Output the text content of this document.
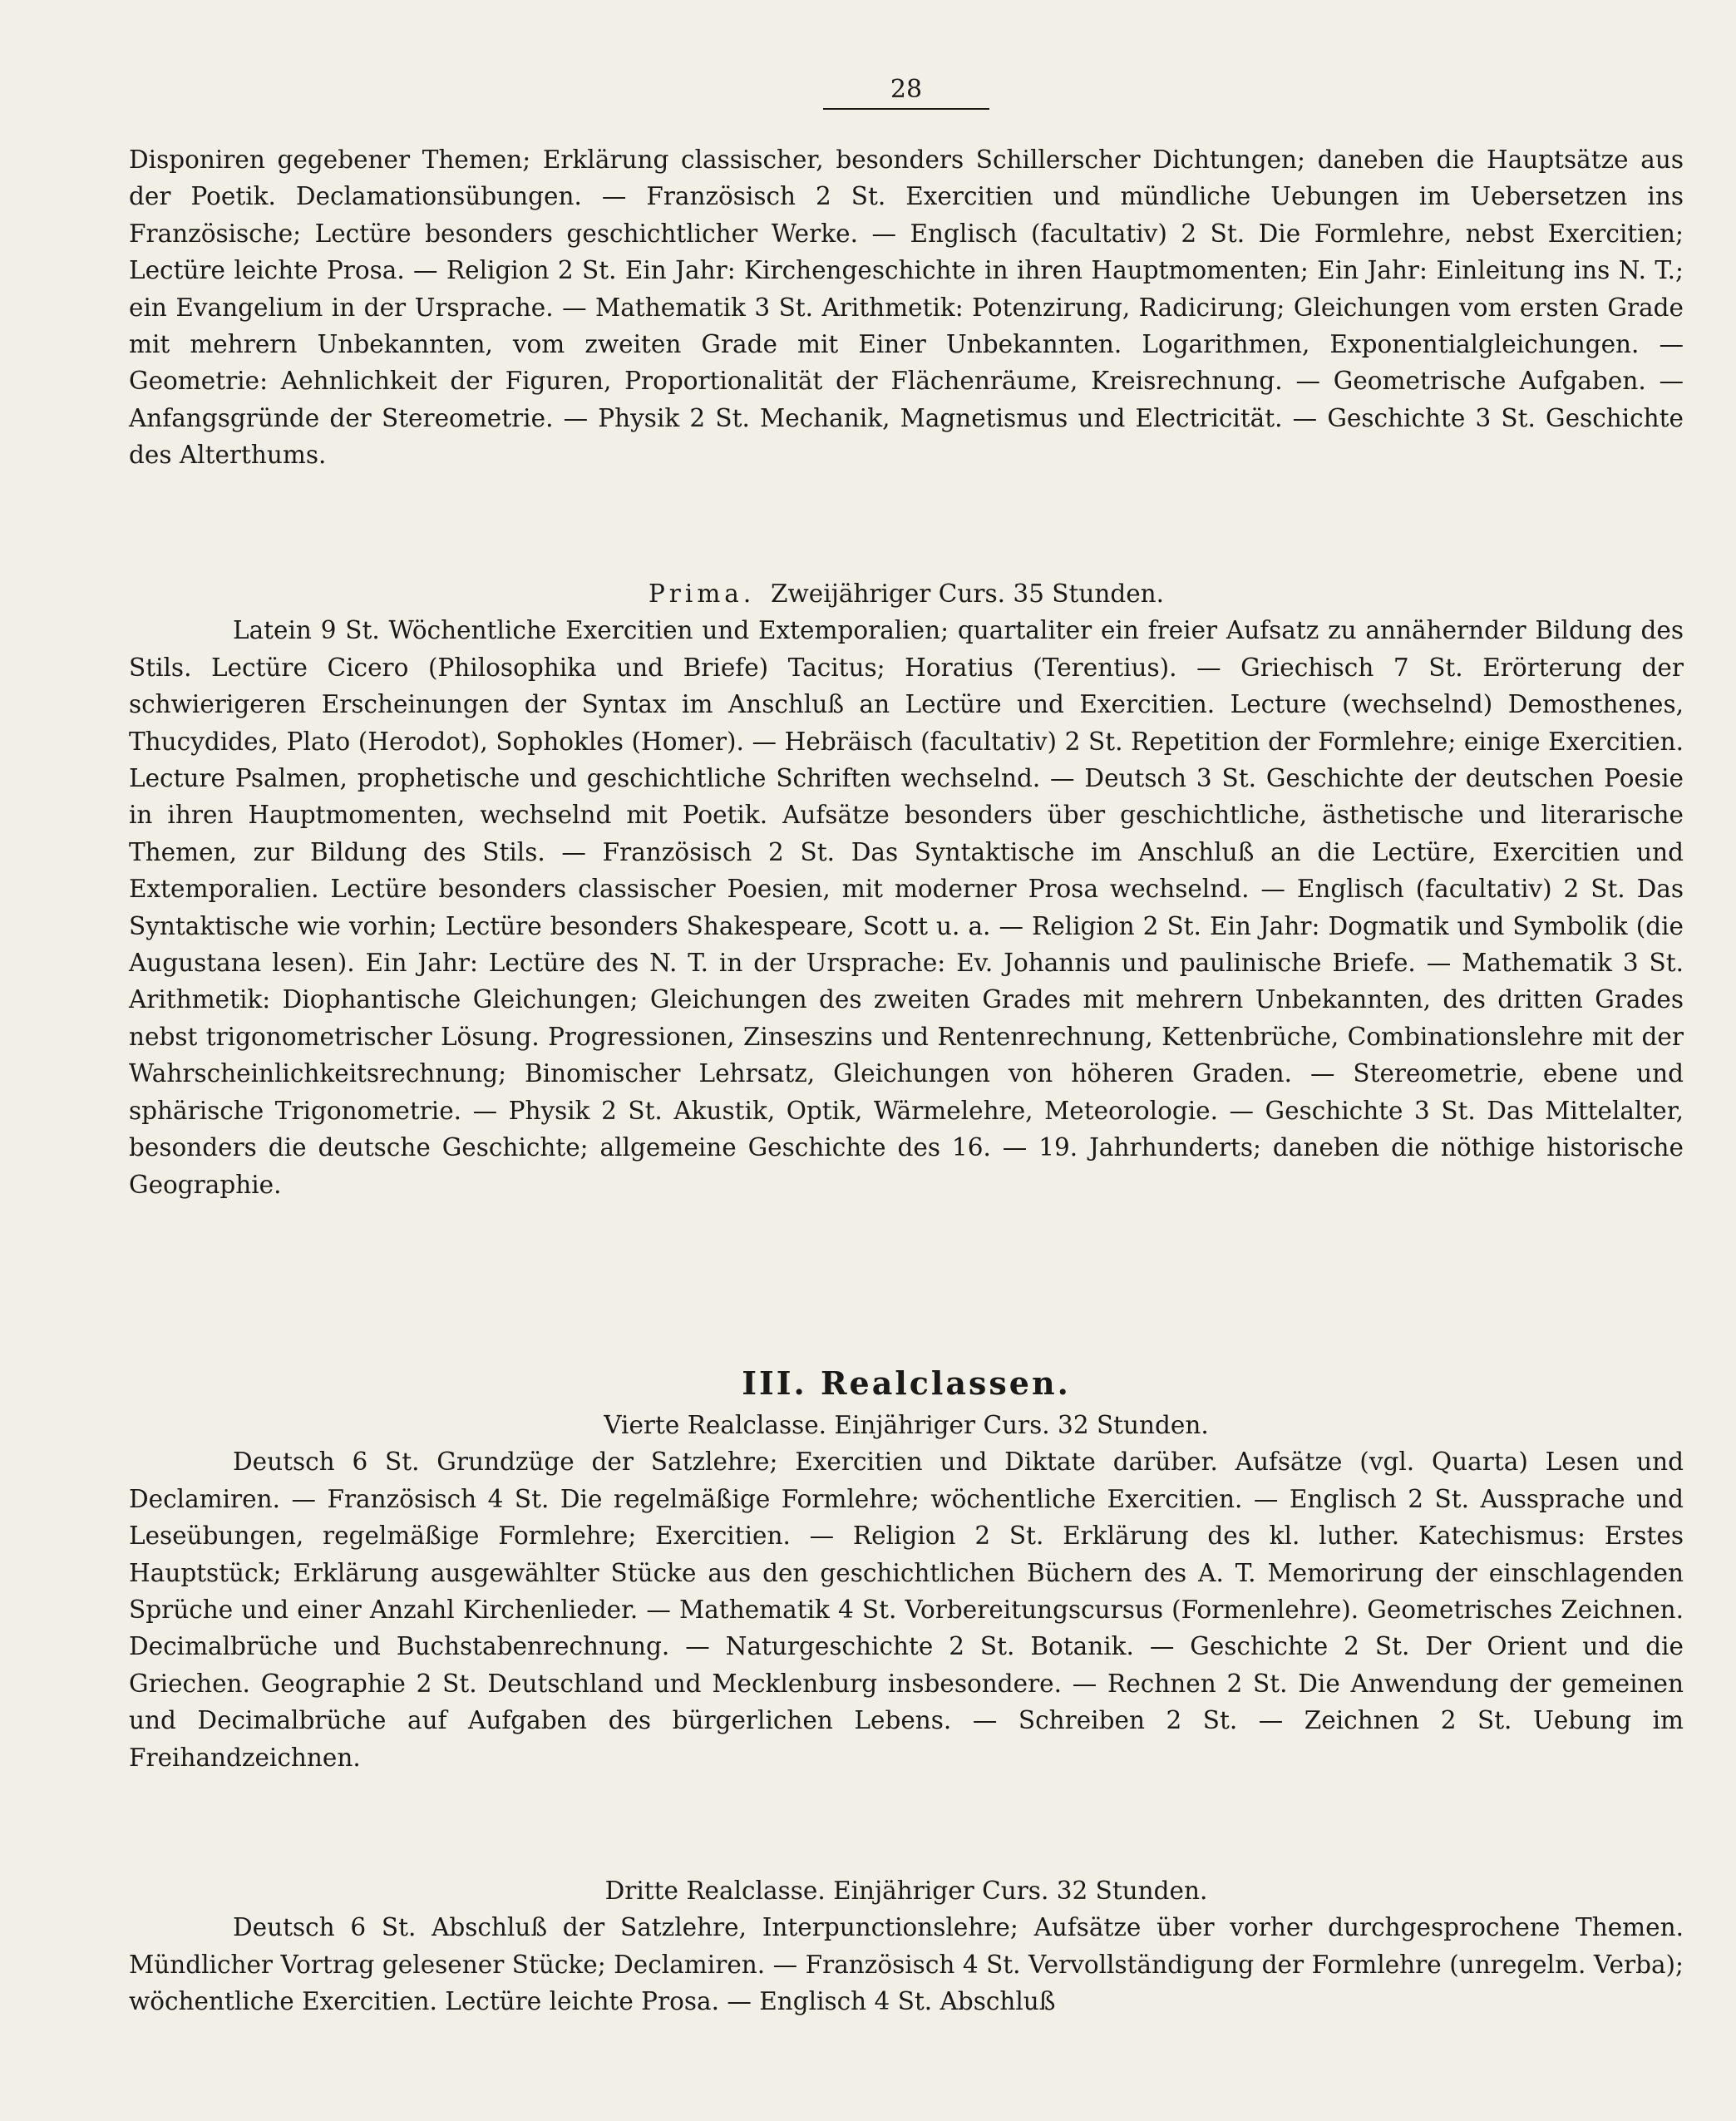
28

Disponiren gegebener Themen; Erklärung classischer, besonders Schillerscher Dichtungen; daneben die Hauptsätze aus der Poetik. Declamationsübungen. — Französisch 2 St. Exercitien und mündliche Uebungen im Uebersetzen ins Französische; Lectüre besonders geschichtlicher Werke. — Englisch (facultativ) 2 St. Die Formlehre, nebst Exercitien; Lectüre leichte Prosa. — Religion 2 St. Ein Jahr: Kirchengeschichte in ihren Hauptmomenten; Ein Jahr: Einleitung ins N. T.; ein Evangelium in der Ursprache. — Mathematik 3 St. Arithmetik: Potenzirung, Radicirung; Gleichungen vom ersten Grade mit mehrern Unbekannten, vom zweiten Grade mit Einer Unbekannten. Logarithmen, Exponentialgleichungen. — Geometrie: Aehnlichkeit der Figuren, Proportionalität der Flächenräume, Kreisrechnung. — Geometrische Aufgaben. — Anfangsgründe der Stereometrie. — Physik 2 St. Mechanik, Magnetismus und Electricität. — Geschichte 3 St. Geschichte des Alterthums.

Prima. Zweijähriger Curs. 35 Stunden.

Latein 9 St. Wöchentliche Exercitien und Extemporalien; quartaliter ein freier Aufsatz zu annähernder Bildung des Stils. Lectüre Cicero (Philosophika und Briefe) Tacitus; Horatius (Terentius). — Griechisch 7 St. Erörterung der schwierigeren Erscheinungen der Syntax im Anschluß an Lectüre und Exercitien. Lecture (wechselnd) Demosthenes, Thucydides, Plato (Herodot), Sophokles (Homer). — Hebräisch (facultativ) 2 St. Repetition der Formlehre; einige Exercitien. Lecture Psalmen, prophetische und geschichtliche Schriften wechselnd. — Deutsch 3 St. Geschichte der deutschen Poesie in ihren Hauptmomenten, wechselnd mit Poetik. Aufsätze besonders über geschichtliche, ästhetische und literarische Themen, zur Bildung des Stils. — Französisch 2 St. Das Syntaktische im Anschluß an die Lectüre, Exercitien und Extemporalien. Lectüre besonders classischer Poesien, mit moderner Prosa wechselnd. — Englisch (facultativ) 2 St. Das Syntaktische wie vorhin; Lectüre besonders Shakespeare, Scott u. a. — Religion 2 St. Ein Jahr: Dogmatik und Symbolik (die Augustana lesen). Ein Jahr: Lectüre des N. T. in der Ursprache: Ev. Johannis und paulinische Briefe. — Mathematik 3 St. Arithmetik: Diophantische Gleichungen; Gleichungen des zweiten Grades mit mehrern Unbekannten, des dritten Grades nebst trigonometrischer Lösung. Progressionen, Zinseszins und Rentenrechnung, Kettenbrüche, Combinationslehre mit der Wahrscheinlichkeitsrechnung; Binomischer Lehrsatz, Gleichungen von höheren Graden. — Stereometrie, ebene und sphärische Trigonometrie. — Physik 2 St. Akustik, Optik, Wärmelehre, Meteorologie. — Geschichte 3 St. Das Mittelalter, besonders die deutsche Geschichte; allgemeine Geschichte des 16. — 19. Jahrhunderts; daneben die nöthige historische Geographie.

III. Realclassen.

Vierte Realclasse. Einjähriger Curs. 32 Stunden.

Deutsch 6 St. Grundzüge der Satzlehre; Exercitien und Diktate darüber. Aufsätze (vgl. Quarta) Lesen und Declamiren. — Französisch 4 St. Die regelmäßige Formlehre; wöchentliche Exercitien. — Englisch 2 St. Aussprache und Leseübungen, regelmäßige Formlehre; Exercitien. — Religion 2 St. Erklärung des kl. luther. Katechismus: Erstes Hauptstück; Erklärung ausgewählter Stücke aus den geschichtlichen Büchern des A. T. Memorirung der einschlagenden Sprüche und einer Anzahl Kirchenlieder. — Mathematik 4 St. Vorbereitungscursus (Formenlehre). Geometrisches Zeichnen. Decimalbrüche und Buchstabenrechnung. — Naturgeschichte 2 St. Botanik. — Geschichte 2 St. Der Orient und die Griechen. Geographie 2 St. Deutschland und Mecklenburg insbesondere. — Rechnen 2 St. Die Anwendung der gemeinen und Decimalbrüche auf Aufgaben des bürgerlichen Lebens. — Schreiben 2 St. — Zeichnen 2 St. Uebung im Freihandzeichnen.

Dritte Realclasse. Einjähriger Curs. 32 Stunden.

Deutsch 6 St. Abschluß der Satzlehre, Interpunctionslehre; Aufsätze über vorher durchgesprochene Themen. Mündlicher Vortrag gelesener Stücke; Declamiren. — Französisch 4 St. Vervollständigung der Formlehre (unregelm. Verba); wöchentliche Exercitien. Lectüre leichte Prosa. — Englisch 4 St. Abschluß
